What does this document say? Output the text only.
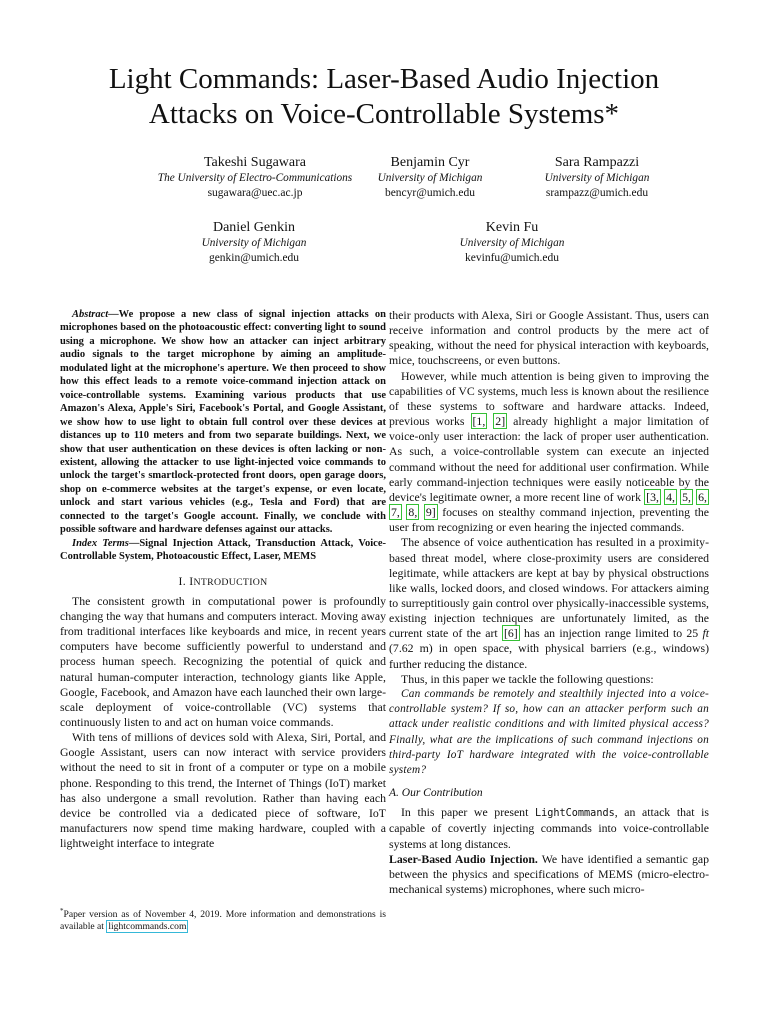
Light Commands: Laser-Based Audio Injection
Attacks on Voice-Controllable Systems*
Takeshi Sugawara
The University of Electro-Communications
sugawara@uec.ac.jp
Benjamin Cyr
University of Michigan
bencyr@umich.edu
Sara Rampazzi
University of Michigan
srampazz@umich.edu
Daniel Genkin
University of Michigan
genkin@umich.edu
Kevin Fu
University of Michigan
kevinfu@umich.edu

Abstract—We propose a new class of signal injection attacks on microphones based on the photoacoustic effect: converting light to sound using a microphone. We show how an attacker can inject arbitrary audio signals to the target microphone by aiming an amplitude-modulated light at the microphone's aperture. We then proceed to show how this effect leads to a remote voice-command injection attack on voice-controllable systems. Examining various products that use Amazon's Alexa, Apple's Siri, Facebook's Portal, and Google Assistant, we show how to use light to obtain full control over these devices at distances up to 110 meters and from two separate buildings. Next, we show that user authentication on these devices is often lacking or non-existent, allowing the attacker to use light-injected voice commands to unlock the target's smartlock-protected front doors, open garage doors, shop on e-commerce websites at the target's expense, or even locate, unlock and start various vehicles (e.g., Tesla and Ford) that are connected to the target's Google account. Finally, we conclude with possible software and hardware defenses against our attacks.

Index Terms—Signal Injection Attack, Transduction Attack, Voice-Controllable System, Photoacoustic Effect, Laser, MEMS

I. INTRODUCTION

The consistent growth in computational power is profoundly changing the way that humans and computers interact. Moving away from traditional interfaces like keyboards and mice, in recent years computers have become sufficiently powerful to understand and process human speech. Recognizing the potential of quick and natural human-computer interaction, technology giants like Apple, Google, Facebook, and Amazon have each launched their own large-scale deployment of voice-controllable (VC) systems that continuously listen to and act on human voice commands.

With tens of millions of devices sold with Alexa, Siri, Portal, and Google Assistant, users can now interact with service providers without the need to sit in front of a computer or type on a mobile phone. Responding to this trend, the Internet of Things (IoT) market has also undergone a small revolution. Rather than having each device be controlled via a dedicated piece of software, IoT manufacturers now spend time making hardware, coupled with a lightweight interface to integrate

their products with Alexa, Siri or Google Assistant. Thus, users can receive information and control products by the mere act of speaking, without the need for physical interaction with keyboards, mice, touchscreens, or even buttons.

However, while much attention is being given to improving the capabilities of VC systems, much less is known about the resilience of these systems to software and hardware attacks. Indeed, previous works [1, 2] already highlight a major limitation of voice-only user interaction: the lack of proper user authentication. As such, a voice-controllable system can execute an injected command without the need for additional user confirmation. While early command-injection techniques were easily noticeable by the device's legitimate owner, a more recent line of work [3, 4, 5, 6, 7, 8, 9] focuses on stealthy command injection, preventing the user from recognizing or even hearing the injected commands.

The absence of voice authentication has resulted in a proximity-based threat model, where close-proximity users are considered legitimate, while attackers are kept at bay by physical obstructions like walls, locked doors, and closed windows. For attackers aiming to surreptitiously gain control over physically-inaccessible systems, existing injection techniques are unfortunately limited, as the current state of the art [6] has an injection range limited to 25 ft (7.62 m) in open space, with physical barriers (e.g., windows) further reducing the distance.

Thus, in this paper we tackle the following questions:

Can commands be remotely and stealthily injected into a voice-controllable system? If so, how can an attacker perform such an attack under realistic conditions and with limited physical access? Finally, what are the implications of such command injections on third-party IoT hardware integrated with the voice-controllable system?

A. Our Contribution

In this paper we present LightCommands, an attack that is capable of covertly injecting commands into voice-controllable systems at long distances.

Laser-Based Audio Injection. We have identified a semantic gap between the physics and specifications of MEMS (micro-electro-mechanical systems) microphones, where such micro-

*Paper version as of November 4, 2019. More information and demonstrations is available at lightcommands.com
